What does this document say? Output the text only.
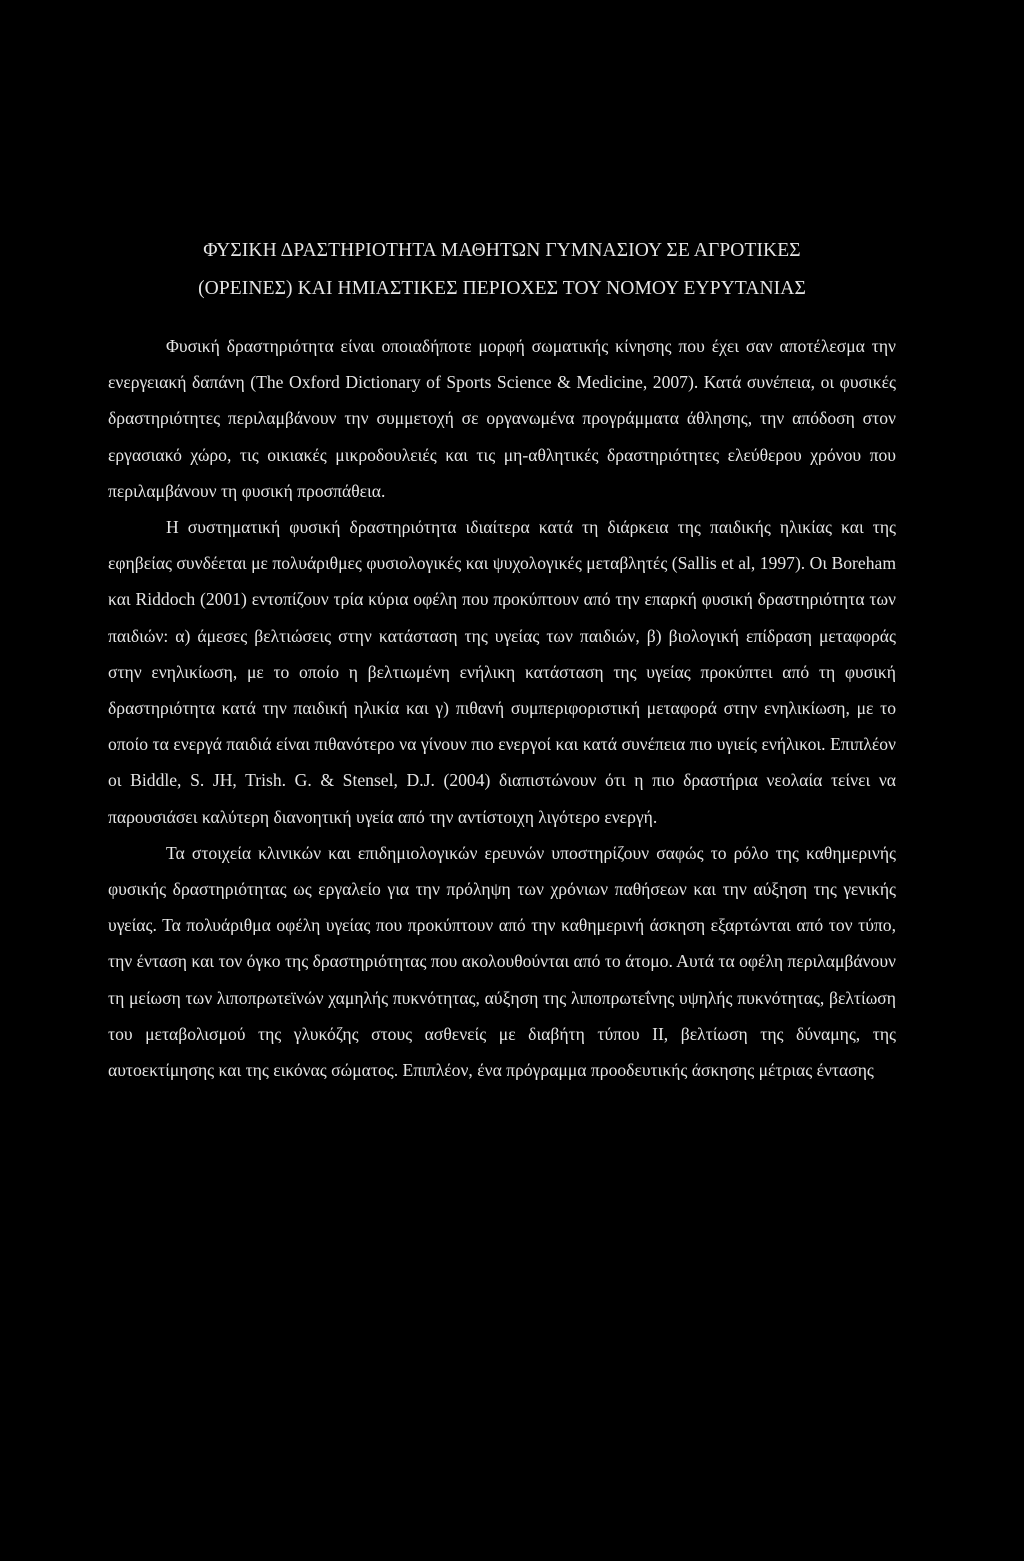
ΦΥΣΙΚΗ ΔΡΑΣΤΗΡΙΟΤΗΤΑ ΜΑΘΗΤΩΝ ΓΥΜΝΑΣΙΟΥ ΣΕ ΑΓΡΟΤΙΚΕΣ
(ΟΡΕΙΝΕΣ) ΚΑΙ ΗΜΙΑΣΤΙΚΕΣ ΠΕΡΙΟΧΕΣ ΤΟΥ ΝΟΜΟΥ ΕΥΡΥΤΑΝΙΑΣ

Φυσική δραστηριότητα είναι οποιαδήποτε μορφή σωματικής κίνησης που έχει σαν αποτέλεσμα την ενεργειακή δαπάνη (The Oxford Dictionary of Sports Science & Medicine, 2007). Κατά συνέπεια, οι φυσικές δραστηριότητες περιλαμβάνουν την συμμετοχή σε οργανωμένα προγράμματα άθλησης, την απόδοση στον εργασιακό χώρο, τις οικιακές μικροδουλειές και τις μη-αθλητικές δραστηριότητες ελεύθερου χρόνου που περιλαμβάνουν τη φυσική προσπάθεια.

Η συστηματική φυσική δραστηριότητα ιδιαίτερα κατά τη διάρκεια της παιδικής ηλικίας και της εφηβείας συνδέεται με πολυάριθμες φυσιολογικές και ψυχολογικές μεταβλητές (Sallis et al, 1997). Οι Boreham και Riddoch (2001) εντοπίζουν τρία κύρια οφέλη που προκύπτουν από την επαρκή φυσική δραστηριότητα των παιδιών: α) άμεσες βελτιώσεις στην κατάσταση της υγείας των παιδιών, β) βιολογική επίδραση μεταφοράς στην ενηλικίωση, με το οποίο η βελτιωμένη ενήλικη κατάσταση της υγείας προκύπτει από τη φυσική δραστηριότητα κατά την παιδική ηλικία και γ) πιθανή συμπεριφοριστική μεταφορά στην ενηλικίωση, με το οποίο τα ενεργά παιδιά είναι πιθανότερο να γίνουν πιο ενεργοί και κατά συνέπεια πιο υγιείς ενήλικοι. Επιπλέον οι Biddle, S. JH, Trish. G. & Stensel, D.J. (2004) διαπιστώνουν ότι η πιο δραστήρια νεολαία τείνει να παρουσιάσει καλύτερη διανοητική υγεία από την αντίστοιχη λιγότερο ενεργή.

Τα στοιχεία κλινικών και επιδημιολογικών ερευνών υποστηρίζουν σαφώς το ρόλο της καθημερινής φυσικής δραστηριότητας ως εργαλείο για την πρόληψη των χρόνιων παθήσεων και την αύξηση της γενικής υγείας. Τα πολυάριθμα οφέλη υγείας που προκύπτουν από την καθημερινή άσκηση εξαρτώνται από τον τύπο, την ένταση και τον όγκο της δραστηριότητας που ακολουθούνται από το άτομο. Αυτά τα οφέλη περιλαμβάνουν τη μείωση των λιποπρωτεϊνών χαμηλής πυκνότητας, αύξηση της λιποπρωτεΐνης υψηλής πυκνότητας, βελτίωση του μεταβολισμού της γλυκόζης στους ασθενείς με διαβήτη τύπου ΙΙ, βελτίωση της δύναμης, της αυτοεκτίμησης και της εικόνας σώματος. Επιπλέον, ένα πρόγραμμα προοδευτικής άσκησης μέτριας έντασης
